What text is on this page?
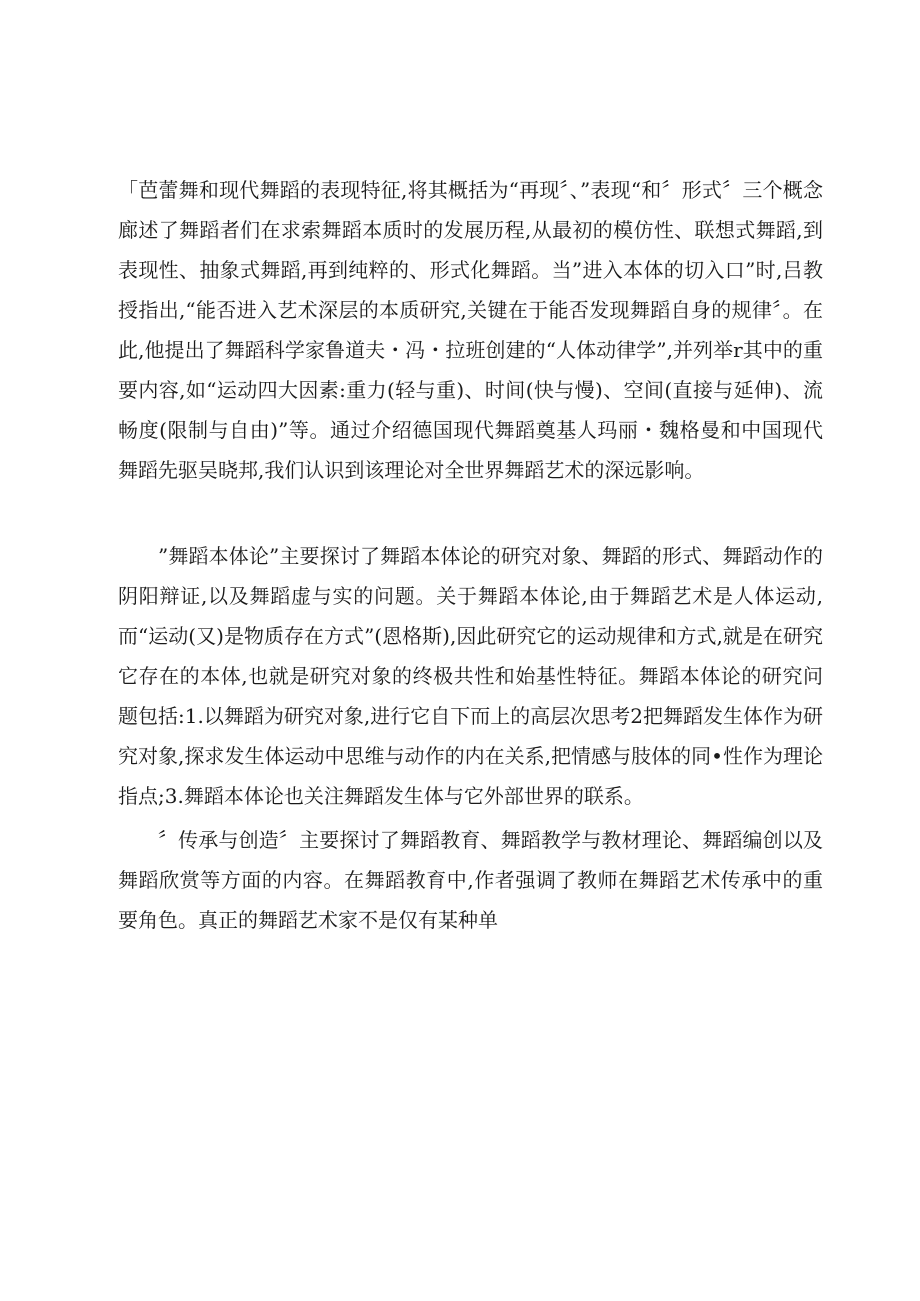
「芭蕾舞和现代舞蹈的表现特征,将其概括为“再现〞、”表现“和〞形式〞三个概念廊述了舞蹈者们在求索舞蹈本质时的发展历程,从最初的模仿性、联想式舞蹈,到表现性、抽象式舞蹈,再到纯粹的、形式化舞蹈。当”进入本体的切入口”时,吕教授指出,“能否进入艺术深层的本质研究,关键在于能否发现舞蹈自身的规律〞。在此,他提出了舞蹈科学家鲁道夫・冯・拉班创建的“人体动律学”,并列举r其中的重要内容,如“运动四大因素:重力(轻与重)、时间(快与慢)、空间(直接与延伸)、流畅度(限制与自由)”等。通过介绍德国现代舞蹈奠基人玛丽・魏格曼和中国现代舞蹈先驱吴晓邦,我们认识到该理论对全世界舞蹈艺术的深远影响。

”舞蹈本体论”主要探讨了舞蹈本体论的研究对象、舞蹈的形式、舞蹈动作的阴阳辩证,以及舞蹈虚与实的问题。关于舞蹈本体论,由于舞蹈艺术是人体运动,而“运动(又)是物质存在方式”(恩格斯),因此研究它的运动规律和方式,就是在研究它存在的本体,也就是研究对象的终极共性和始基性特征。舞蹈本体论的研究问题包括:1.以舞蹈为研究对象,进行它自下而上的高层次思考2把舞蹈发生体作为研究对象,探求发生体运动中思维与动作的内在关系,把情感与肢体的同•性作为理论指点;3.舞蹈本体论也关注舞蹈发生体与它外部世界的联系。

〞传承与创造〞主要探讨了舞蹈教育、舞蹈教学与教材理论、舞蹈编创以及舞蹈欣赏等方面的内容。在舞蹈教育中,作者强调了教师在舞蹈艺术传承中的重要角色。真正的舞蹈艺术家不是仅有某种单
